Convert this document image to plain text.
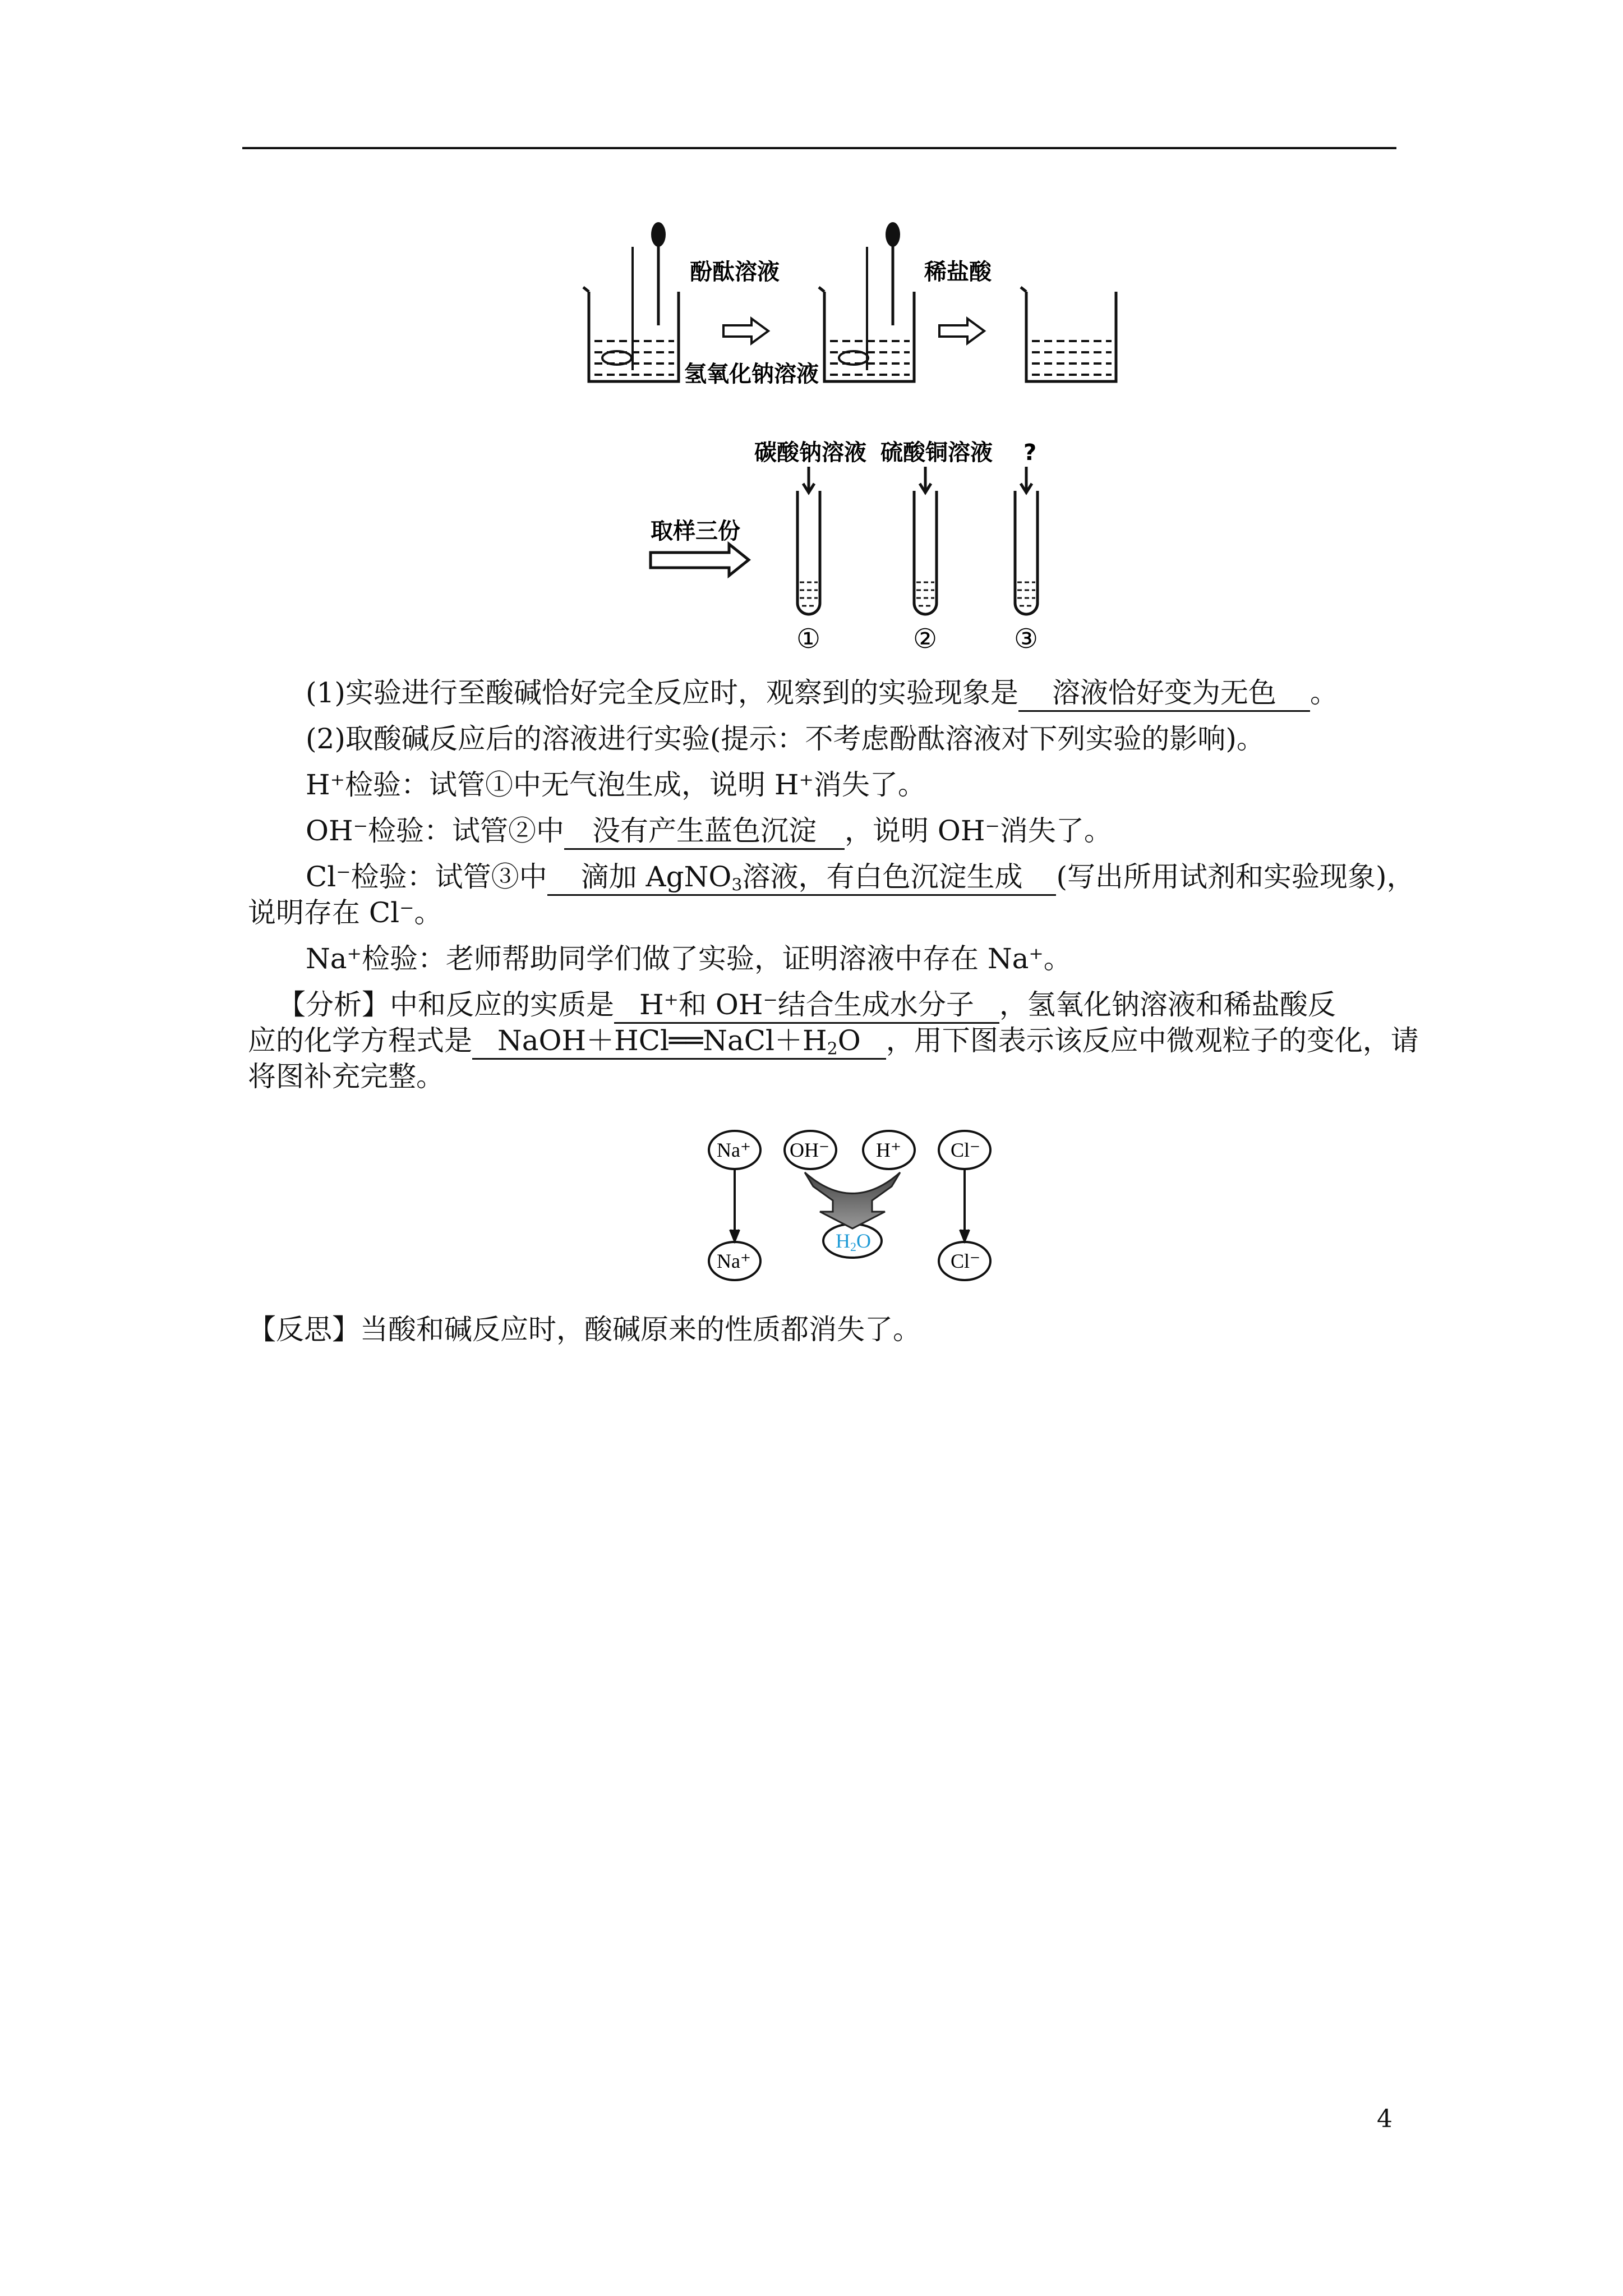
酚酞溶液
氢氧化钠溶液
稀盐酸
碳酸钠溶液 硫酸铜溶液 ?
取样三份
①	②	③
(1)实验进行至酸碱恰好完全反应时，观察到的实验现象是 溶液恰好变为无色 。
(2)取酸碱反应后的溶液进行实验(提示：不考虑酚酞溶液对下列实验的影响)。
H⁺检验：试管①中无气泡生成，说明 H⁺消失了。
OH⁻检验：试管②中 没有产生蓝色沉淀 ，说明 OH⁻消失了。
Cl⁻检验：试管③中 滴加 AgNO$_3$溶液，有白色沉淀生成 (写出所用试剂和实验现象)，
说明存在 Cl⁻。
Na⁺检验：老师帮助同学们做了实验，证明溶液中存在 Na⁺。
【分析】中和反应的实质是 H⁺和 OH⁻结合生成水分子 ，氢氧化钠溶液和稀盐酸反
应的化学方程式是 $NaOH+HCl══NaCl+H_2O$ ，用下图表示该反应中微观粒子的变化，请
将图补充完整。
Na⁺ OH⁻ H⁺ Cl⁻
Na⁺	Cl⁻
H2O
【反思】当酸和碱反应时，酸碱原来的性质都消失了。
4
